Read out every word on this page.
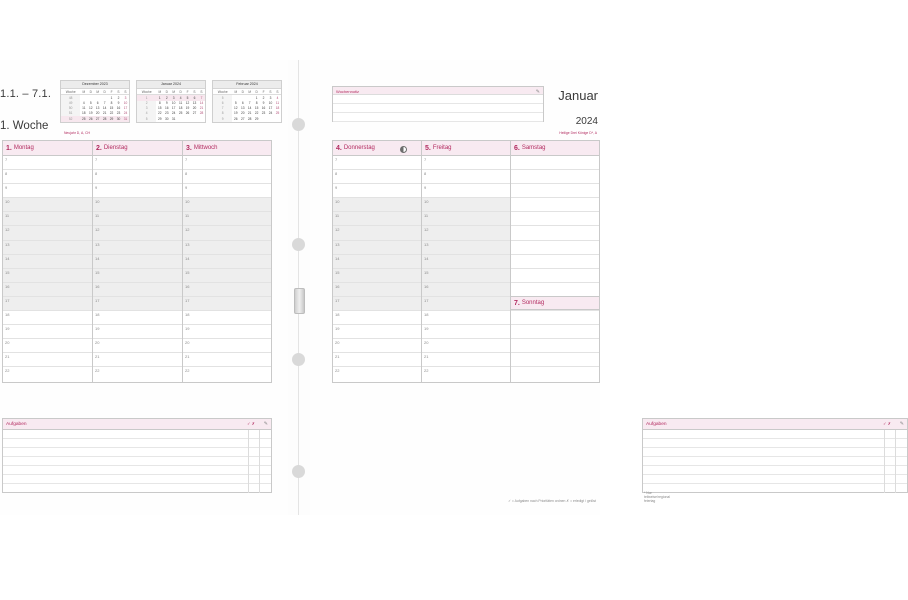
1.1. – 7.1.
1. Woche
Dezember 2023
Woche	M	D	M	D	F	S	S
48					1	2	3
49	4	5	6	7	8	9	10
50	11	12	13	14	15	16	17
51	18	19	20	21	22	23	24
52	25	26	27	28	29	30	31
Januar 2024
Woche	M	D	M	D	F	S	S
1	1	2	3	4	5	6	7
2	8	9	10	11	12	13	14
3	15	16	17	18	19	20	21
4	22	23	24	25	26	27	28
5	29	30	31				
Februar 2024
Woche	M	D	M	D	F	S	S
5				1	2	3	4
6	5	6	7	8	9	10	11
7	12	13	14	15	16	17	18
8	19	20	21	22	23	24	25
9	26	27	28	29			
Neujahr D, A, CH
1. Montag
7
8
9
10
11
12
13
14
15
16
17
18
19
20
21
22
2. Dienstag
7
8
9
10
11
12
13
14
15
16
17
18
19
20
21
22
3. Mittwoch
7
8
9
10
11
12
13
14
15
16
17
18
19
20
21
22
Aufgaben	✓ ✗ ✎
Wochennotiz	✎ Januar
2024
4. Donnerstag
7
8
9
10
11
12
13
14
15
16
17
18
19
20
21
22
5. Freitag
7
8
9
10
11
12
13
14
15
16
17
18
19
20
21
22
Heilige Drei Könige D*, A
6. Samstag
7. Sonntag
Aufgaben	✓ ✗ ✎
* Nur teilweise/regional feiertag
✓ = Aufgaben nach Prioritäten ordnen ✗ = erledigt / gelöst
